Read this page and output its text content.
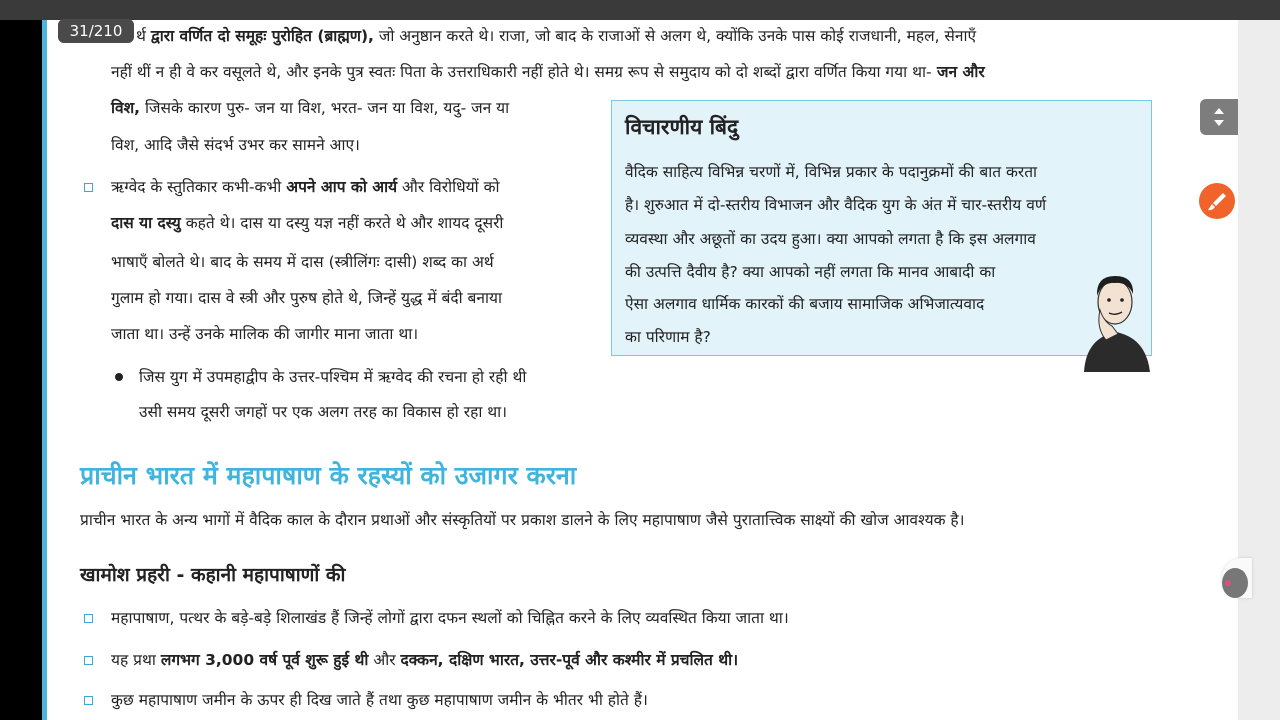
31/210 र्थ द्वारा वर्णित दो समूहः पुरोहित (ब्राह्मण), जो अनुष्ठान करते थे। राजा, जो बाद के राजाओं से अलग थे, क्योंकि उनके पास कोई राजधानी, महल, सेनाएँ
नहीं थीं न ही वे कर वसूलते थे, और इनके पुत्र स्वतः पिता के उत्तराधिकारी नहीं होते थे। समग्र रूप से समुदाय को दो शब्दों द्वारा वर्णित किया गया था- जन और
विश, जिसके कारण पुरु- जन या विश, भरत- जन या विश, यदु- जन या
विश, आदि जैसे संदर्भ उभर कर सामने आए।
ऋग्वेद के स्तुतिकार कभी-कभी अपने आप को आर्य और विरोधियों को
दास या दस्यु कहते थे। दास या दस्यु यज्ञ नहीं करते थे और शायद दूसरी
भाषाएँ बोलते थे। बाद के समय में दास (स्त्रीलिंगः दासी) शब्द का अर्थ
गुलाम हो गया। दास वे स्त्री और पुरुष होते थे, जिन्हें युद्ध में बंदी बनाया
जाता था। उन्हें उनके मालिक की जागीर माना जाता था।
जिस युग में उपमहाद्वीप के उत्तर-पश्चिम में ऋग्वेद की रचना हो रही थी
उसी समय दूसरी जगहों पर एक अलग तरह का विकास हो रहा था।
विचारणीय बिंदु
वैदिक साहित्य विभिन्न चरणों में, विभिन्न प्रकार के पदानुक्रमों की बात करता
है। शुरुआत में दो-स्तरीय विभाजन और वैदिक युग के अंत में चार-स्तरीय वर्ण
व्यवस्था और अछूतों का उदय हुआ। क्या आपको लगता है कि इस अलगाव
की उत्पत्ति दैवीय है? क्या आपको नहीं लगता कि मानव आबादी का
ऐसा अलगाव धार्मिक कारकों की बजाय सामाजिक अभिजात्यवाद
का परिणाम है?
प्राचीन भारत में महापाषाण के रहस्यों को उजागर करना
प्राचीन भारत के अन्य भागों में वैदिक काल के दौरान प्रथाओं और संस्कृतियों पर प्रकाश डालने के लिए महापाषाण जैसे पुरातात्त्विक साक्ष्यों की खोज आवश्यक है।
खामोश प्रहरी - कहानी महापाषाणों की
महापाषाण, पत्थर के बड़े-बड़े शिलाखंड हैं जिन्हें लोगों द्वारा दफन स्थलों को चिह्नित करने के लिए व्यवस्थित किया जाता था।
यह प्रथा लगभग 3,000 वर्ष पूर्व शुरू हुई थी और दक्कन, दक्षिण भारत, उत्तर-पूर्व और कश्मीर में प्रचलित थी।
कुछ महापाषाण जमीन के ऊपर ही दिख जाते हैं तथा कुछ महापाषाण जमीन के भीतर भी होते हैं।
